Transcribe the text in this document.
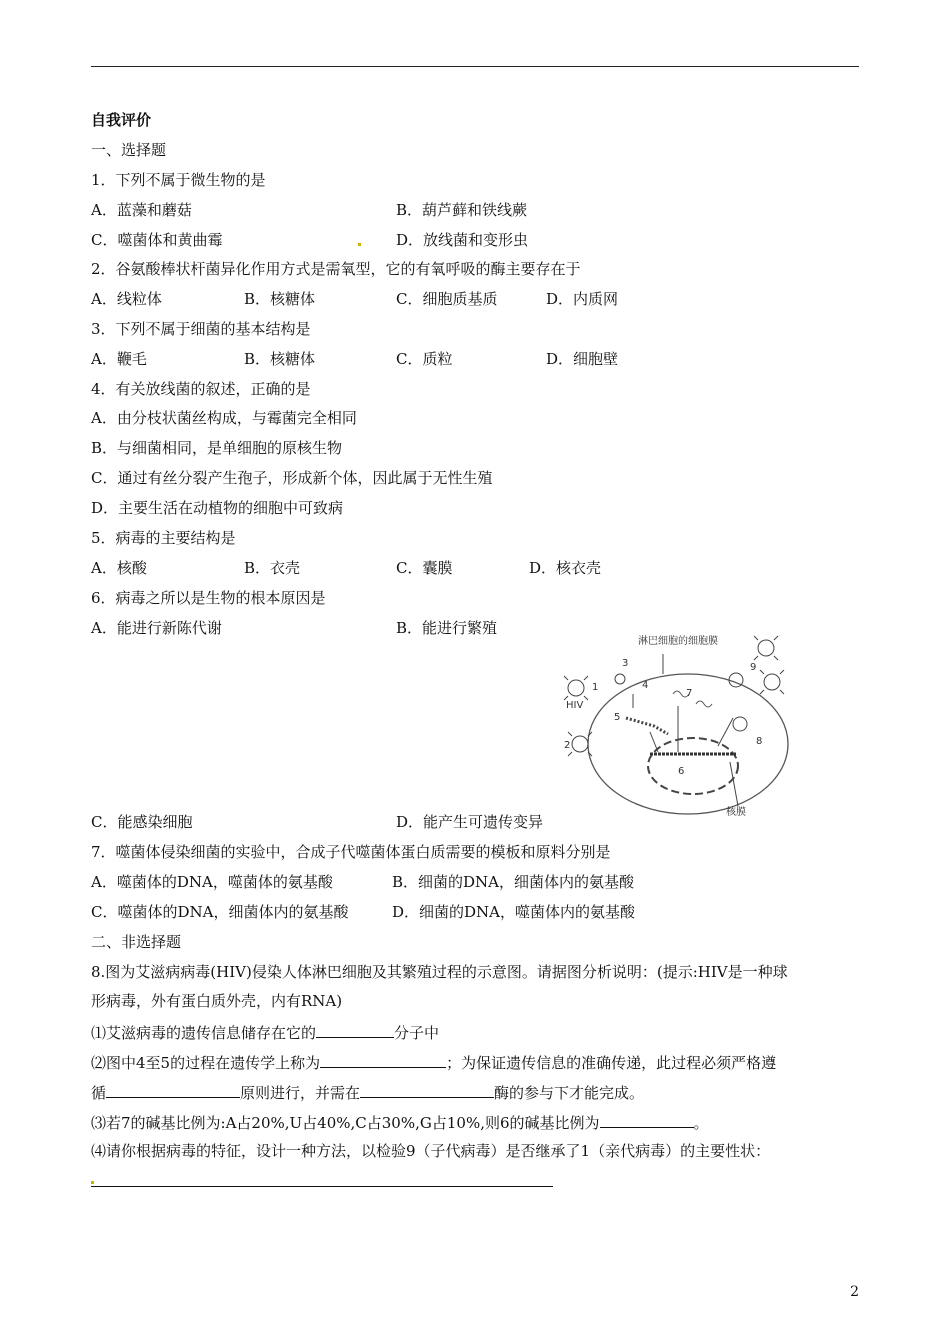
自我评价
一、选择题
1．下列不属于微生物的是
A．蓝藻和蘑菇	B．葫芦藓和铁线蕨
C．噬菌体和黄曲霉	D．放线菌和变形虫
2．谷氨酸棒状杆菌异化作用方式是需氧型，它的有氧呼吸的酶主要存在于
A．线粒体	B．核糖体	C．细胞质基质	D．内质网
3．下列不属于细菌的基本结构是
A．鞭毛	B．核糖体	C．质粒	D．细胞壁
4．有关放线菌的叙述，正确的是
A．由分枝状菌丝构成，与霉菌完全相同
B．与细菌相同，是单细胞的原核生物
C．通过有丝分裂产生孢子，形成新个体，因此属于无性生殖
D．主要生活在动植物的细胞中可致病
5．病毒的主要结构是
A．核酸	B．衣壳	C．囊膜	D．核衣壳
6．病毒之所以是生物的根本原因是
A．能进行新陈代谢	B．能进行繁殖
淋巴细胞的细胞膜
核膜
HIV
1
2
3
4
5
6
7
8
9
C．能感染细胞	D．能产生可遗传变异
7．噬菌体侵染细菌的实验中，合成子代噬菌体蛋白质需要的模板和原料分别是
A．噬菌体的DNA，噬菌体的氨基酸	B．细菌的DNA，细菌体内的氨基酸
C．噬菌体的DNA，细菌体内的氨基酸	D．细菌的DNA，噬菌体内的氨基酸
二、非选择题
8.图为艾滋病病毒(HIV)侵染人体淋巴细胞及其繁殖过程的示意图。请据图分析说明：(提示:HIV是一种球
形病毒，外有蛋白质外壳，内有RNA)
⑴艾滋病毒的遗传信息储存在它的	分子中
⑵图中4至5的过程在遗传学上称为	；为保证遗传信息的准确传递，此过程必须严格遵
循	原则进行，并需在	酶的参与下才能完成。
⑶若7的碱基比例为:A占20%,U占40%,C占30%,G占10%,则6的碱基比例为	。
⑷请你根据病毒的特征，设计一种方法，以检验9（子代病毒）是否继承了1（亲代病毒）的主要性状：
2
